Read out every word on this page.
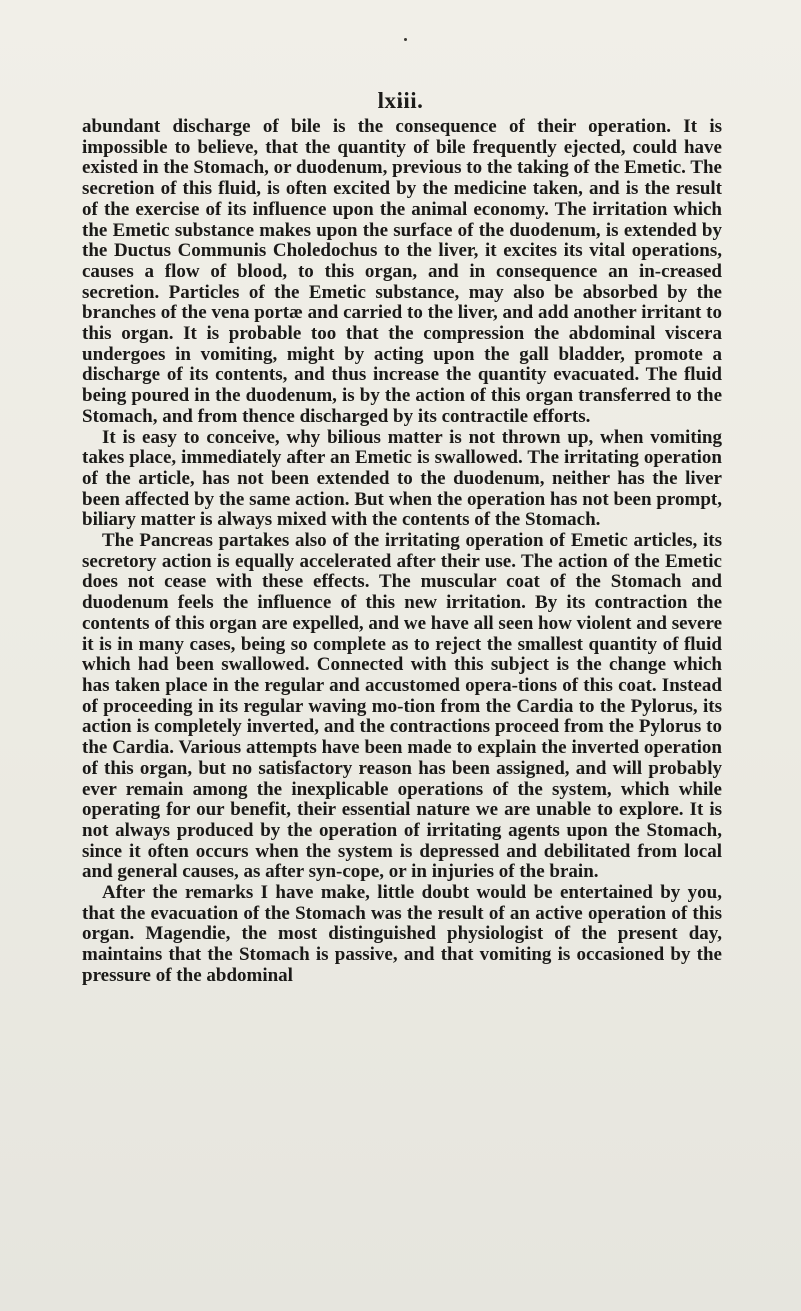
lxiii.

abundant discharge of bile is the consequence of their operation. It is impossible to believe, that the quantity of bile frequently ejected, could have existed in the Stomach, or duodenum, previous to the taking of the Emetic. The secretion of this fluid, is often excited by the medicine taken, and is the result of the exercise of its influence upon the animal economy. The irritation which the Emetic substance makes upon the surface of the duodenum, is extended by the Ductus Communis Choledochus to the liver, it excites its vital operations, causes a flow of blood, to this organ, and in consequence an in-creased secretion. Particles of the Emetic substance, may also be absorbed by the branches of the vena portæ and carried to the liver, and add another irritant to this organ. It is probable too that the compression the abdominal viscera undergoes in vomiting, might by acting upon the gall bladder, promote a discharge of its contents, and thus increase the quantity evacuated. The fluid being poured in the duodenum, is by the action of this organ transferred to the Stomach, and from thence discharged by its contractile efforts.

It is easy to conceive, why bilious matter is not thrown up, when vomiting takes place, immediately after an Emetic is swallowed. The irritating operation of the article, has not been extended to the duodenum, neither has the liver been affected by the same action. But when the operation has not been prompt, biliary matter is always mixed with the contents of the Stomach.

The Pancreas partakes also of the irritating operation of Emetic articles, its secretory action is equally accelerated after their use. The action of the Emetic does not cease with these effects. The muscular coat of the Stomach and duodenum feels the influence of this new irritation. By its contraction the contents of this organ are expelled, and we have all seen how violent and severe it is in many cases, being so complete as to reject the smallest quantity of fluid which had been swallowed. Connected with this subject is the change which has taken place in the regular and accustomed opera-tions of this coat. Instead of proceeding in its regular waving mo-tion from the Cardia to the Pylorus, its action is completely inverted, and the contractions proceed from the Pylorus to the Cardia. Various attempts have been made to explain the inverted operation of this organ, but no satisfactory reason has been assigned, and will probably ever remain among the inexplicable operations of the system, which while operating for our benefit, their essential nature we are unable to explore. It is not always produced by the operation of irritating agents upon the Stomach, since it often occurs when the system is depressed and debilitated from local and general causes, as after syn-cope, or in injuries of the brain.

After the remarks I have make, little doubt would be entertained by you, that the evacuation of the Stomach was the result of an active operation of this organ. Magendie, the most distinguished physiologist of the present day, maintains that the Stomach is passive, and that vomiting is occasioned by the pressure of the abdominal
